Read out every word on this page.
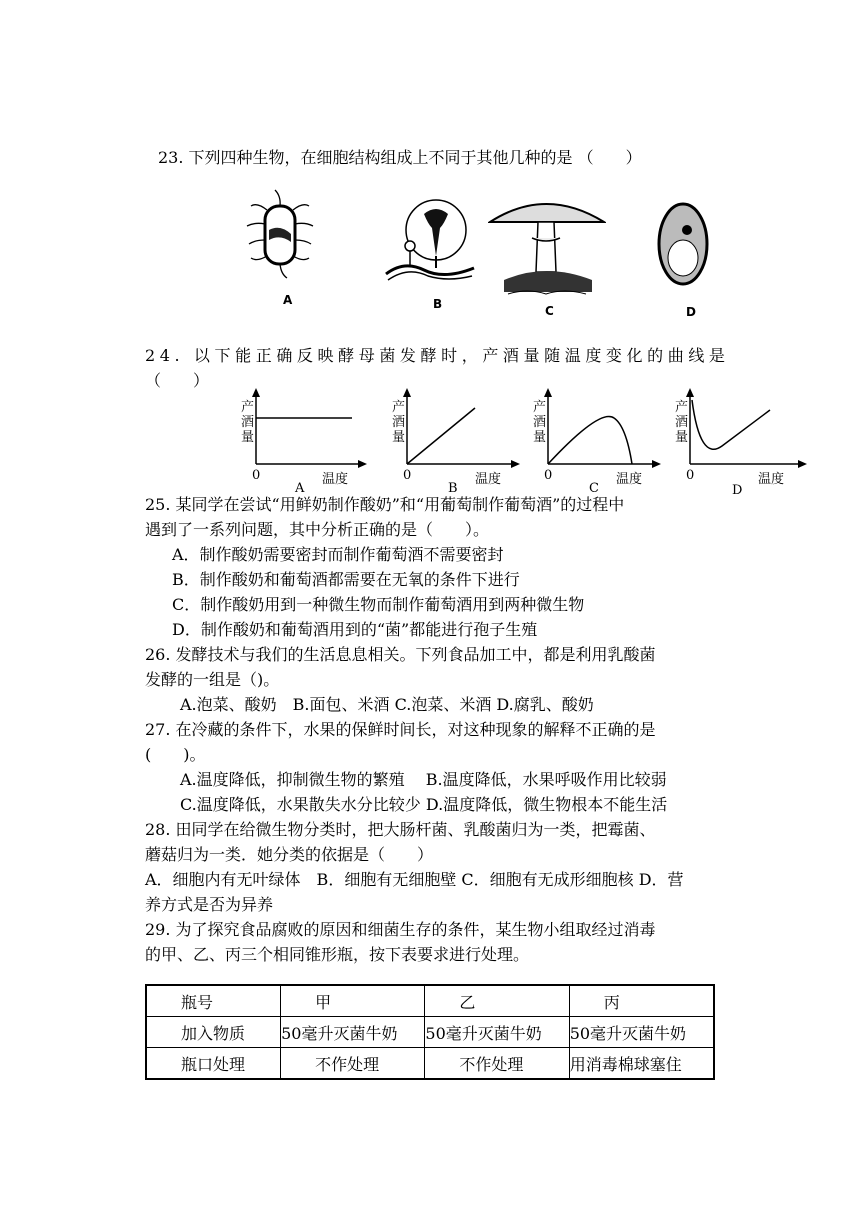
23. 下列四种生物，在细胞结构组成上不同于其他几种的是 （　　）
A	B	C	D
24. 以下能正确反映酵母菌发酵时，产酒量随温度变化的曲线是
（　　）
产
酒
量
0	温度
A
产
酒
量
0	温度
B
产
酒
量
0	温度
C
产
酒
量
0	温度
D
25. 某同学在尝试“用鲜奶制作酸奶”和“用葡萄制作葡萄酒”的过程中
遇到了一系列问题，其中分析正确的是（　　）。
A．制作酸奶需要密封而制作葡萄酒不需要密封
B．制作酸奶和葡萄酒都需要在无氧的条件下进行
C．制作酸奶用到一种微生物而制作葡萄酒用到两种微生物
D．制作酸奶和葡萄酒用到的“菌”都能进行孢子生殖
26. 发酵技术与我们的生活息息相关。下列食品加工中，都是利用乳酸菌
发酵的一组是（)。
A.泡菜、酸奶　B.面包、米酒 C.泡菜、米酒 D.腐乳、酸奶
27. 在冷藏的条件下，水果的保鲜时间长，对这种现象的解释不正确的是
(　　)。
A.温度降低，抑制微生物的繁殖　 B.温度降低，水果呼吸作用比较弱
C.温度降低，水果散失水分比较少 D.温度降低，微生物根本不能生活
28. 田同学在给微生物分类时，把大肠杆菌、乳酸菌归为一类，把霉菌、
蘑菇归为一类．她分类的依据是（　　）
A．细胞内有无叶绿体　B．细胞有无细胞壁 C．细胞有无成形细胞核 D．营
养方式是否为异养
29. 为了探究食品腐败的原因和细菌生存的条件，某生物小组取经过消毒
的甲、乙、丙三个相同锥形瓶，按下表要求进行处理。
瓶号	甲	乙	丙
加入物质	50毫升灭菌牛奶	50毫升灭菌牛奶	50毫升灭菌牛奶
瓶口处理	不作处理	不作处理	用消毒棉球塞住
